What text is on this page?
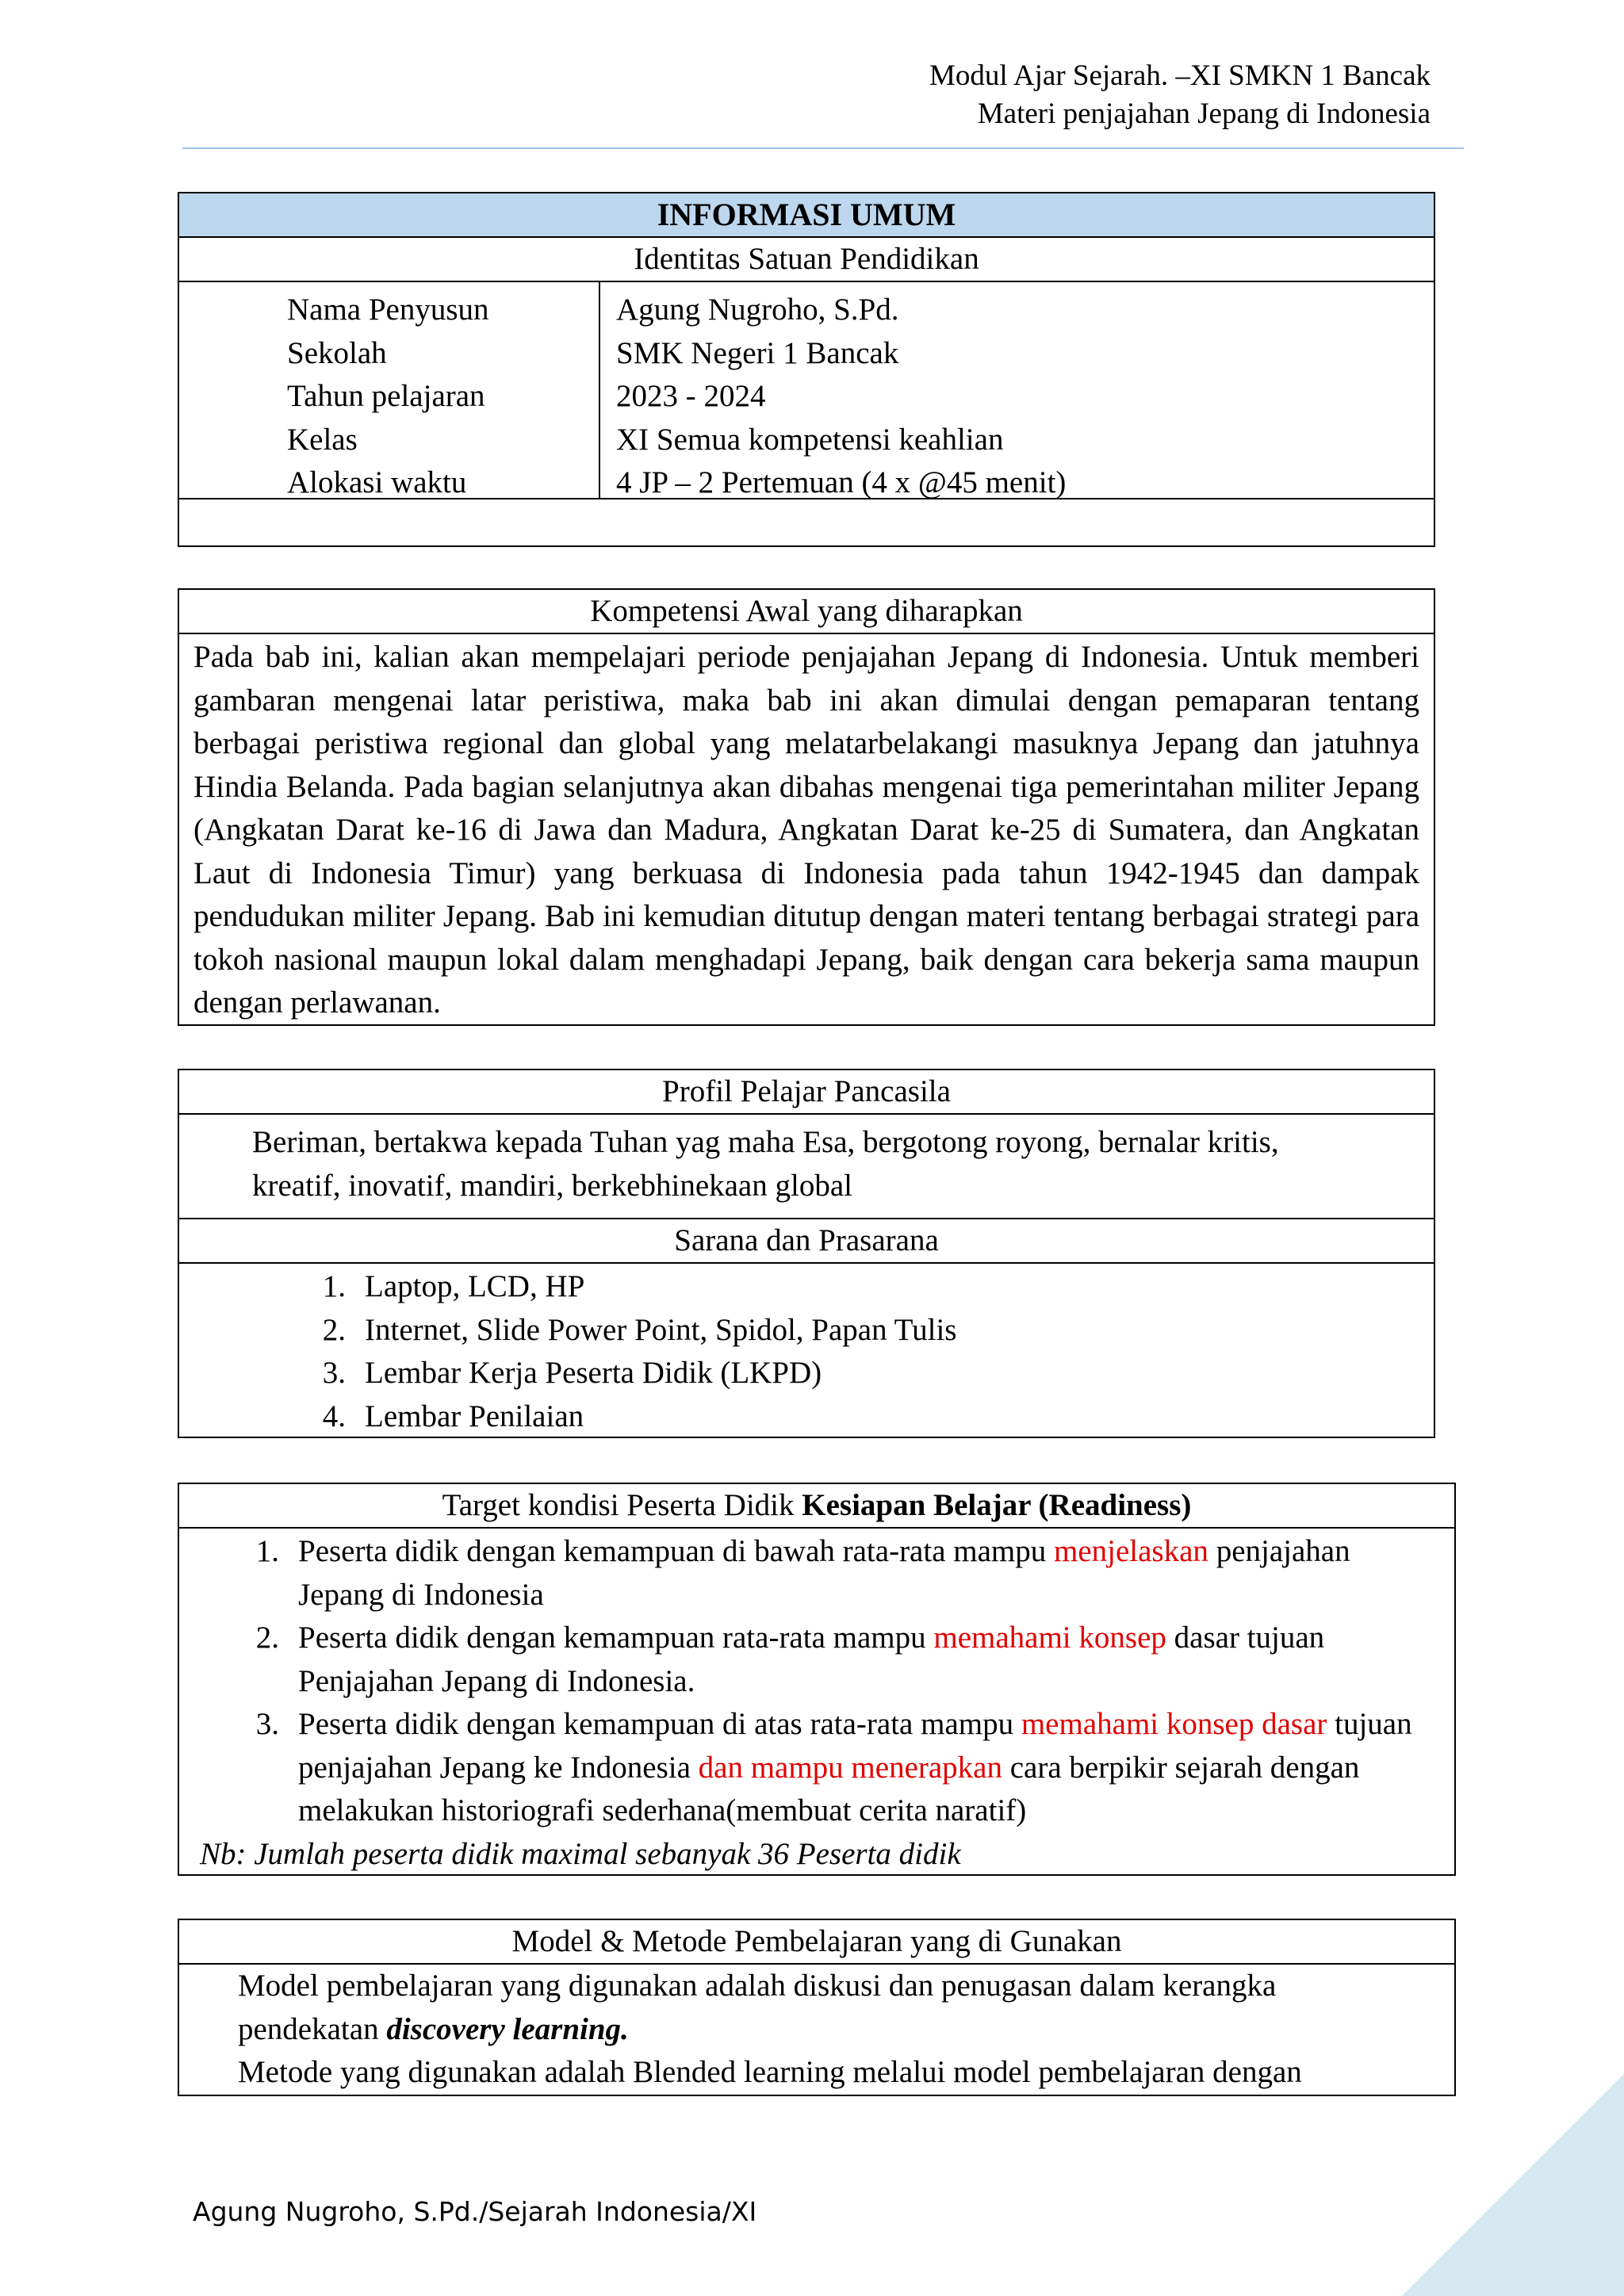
Modul Ajar Sejarah. –XI SMKN 1 Bancak
Materi penjajahan Jepang di Indonesia
INFORMASI UMUM
Identitas Satuan Pendidikan
Nama Penyusun
Sekolah
Tahun pelajaran
Kelas
Alokasi waktu
Agung Nugroho, S.Pd.
SMK Negeri 1 Bancak
2023 - 2024
XI Semua kompetensi keahlian
4 JP – 2 Pertemuan (4 x @45 menit)
Kompetensi Awal yang diharapkan
Pada bab ini, kalian akan mempelajari periode penjajahan Jepang di Indonesia. Untuk memberi gambaran mengenai latar peristiwa, maka bab ini akan dimulai dengan pemaparan tentang berbagai peristiwa regional dan global yang melatarbelakangi masuknya Jepang dan jatuhnya Hindia Belanda. Pada bagian selanjutnya akan dibahas mengenai tiga pemerintahan militer Jepang (Angkatan Darat ke-16 di Jawa dan Madura, Angkatan Darat ke-25 di Sumatera, dan Angkatan Laut di Indonesia Timur) yang berkuasa di Indonesia pada tahun 1942-1945 dan dampak pendudukan militer Jepang. Bab ini kemudian ditutup dengan materi tentang berbagai strategi para tokoh nasional maupun lokal dalam menghadapi Jepang, baik dengan cara bekerja sama maupun dengan perlawanan.
Profil Pelajar Pancasila
Beriman, bertakwa kepada Tuhan yag maha Esa, bergotong royong, bernalar kritis,
kreatif, inovatif, mandiri, berkebhinekaan global
Sarana dan Prasarana
1. Laptop, LCD, HP
2. Internet, Slide Power Point, Spidol, Papan Tulis
3. Lembar Kerja Peserta Didik (LKPD)
4. Lembar Penilaian
Target kondisi Peserta Didik Kesiapan Belajar (Readiness)
1. Peserta didik dengan kemampuan di bawah rata-rata mampu menjelaskan penjajahan Jepang di Indonesia
2. Peserta didik dengan kemampuan rata-rata mampu memahami konsep dasar tujuan Penjajahan Jepang di Indonesia.
3. Peserta didik dengan kemampuan di atas rata-rata mampu memahami konsep dasar tujuan penjajahan Jepang ke Indonesia dan mampu menerapkan cara berpikir sejarah dengan melakukan historiografi sederhana(membuat cerita naratif)
Nb: Jumlah peserta didik maximal sebanyak 36 Peserta didik
Model & Metode Pembelajaran yang di Gunakan
Model pembelajaran yang digunakan adalah diskusi dan penugasan dalam kerangka
pendekatan discovery learning.
Metode yang digunakan adalah Blended learning melalui model pembelajaran dengan
Agung Nugroho, S.Pd./Sejarah Indonesia/XI
